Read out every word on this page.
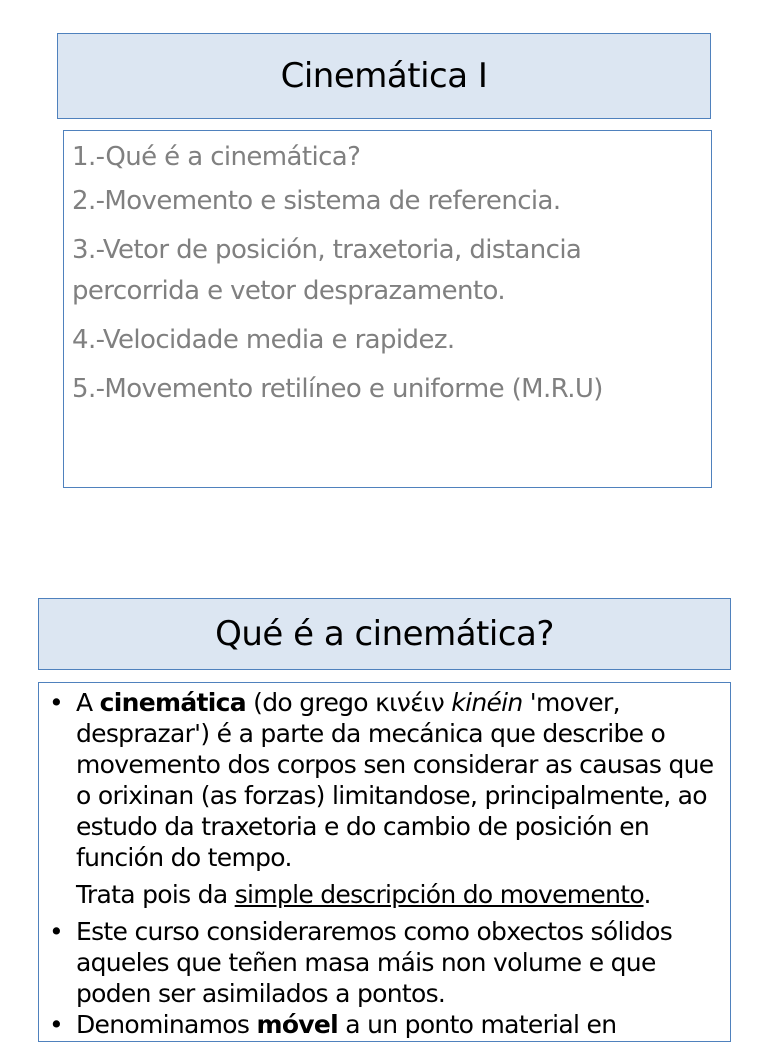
Cinemática I
1.-Qué é a cinemática?
2.-Movemento e sistema de referencia.
3.-Vetor de posición, traxetoria, distancia percorrida e vetor desprazamento.
4.-Velocidade media e rapidez.
5.-Movemento retilíneo e uniforme (M.R.U)
Qué é a cinemática?
• A cinemática (do grego κινέιν kinéin 'mover, desprazar') é a parte da mecánica que describe o movemento dos corpos sen considerar as causas que o orixinan (as forzas) limitandose, principalmente, ao estudo da traxetoria e do cambio de posición en función do tempo.
Trata pois da simple descripción do movemento.
• Este curso consideraremos como obxectos sólidos aqueles que teñen masa máis non volume e que poden ser asimilados a pontos.
• Denominamos móvel a un ponto material en
